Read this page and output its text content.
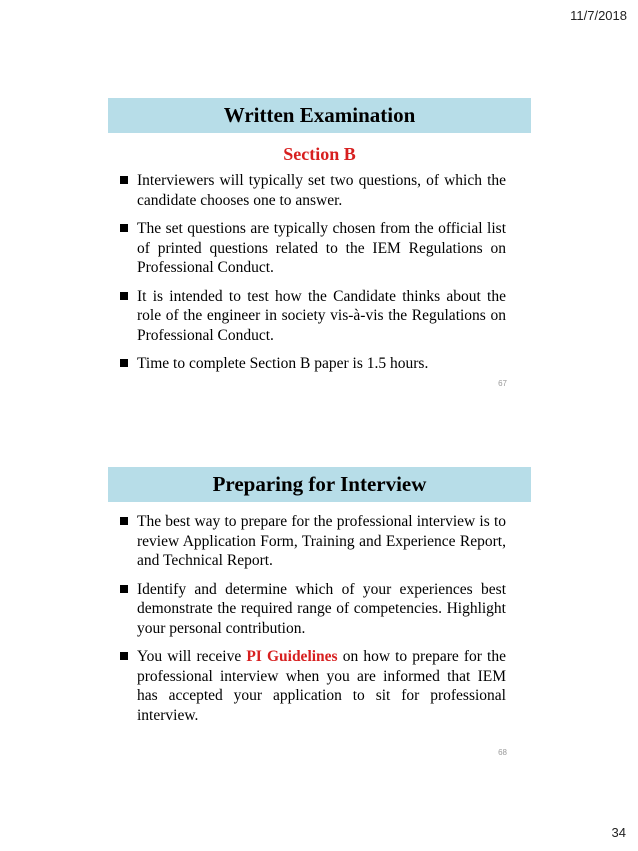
11/7/2018
Written Examination
Section B
Interviewers will typically set two questions, of which the candidate chooses one to answer.
The set questions are typically chosen from the official list of printed questions related to the IEM Regulations on Professional Conduct.
It is intended to test how the Candidate thinks about the role of the engineer in society vis-à-vis the Regulations on Professional Conduct.
Time to complete Section B paper is 1.5 hours.
67
Preparing for Interview
The best way to prepare for the professional interview is to review Application Form, Training and Experience Report, and Technical Report.
Identify and determine which of your experiences best demonstrate the required range of competencies. Highlight your personal contribution.
You will receive PI Guidelines on how to prepare for the professional interview when you are informed that IEM has accepted your application to sit for professional interview.
68
34
